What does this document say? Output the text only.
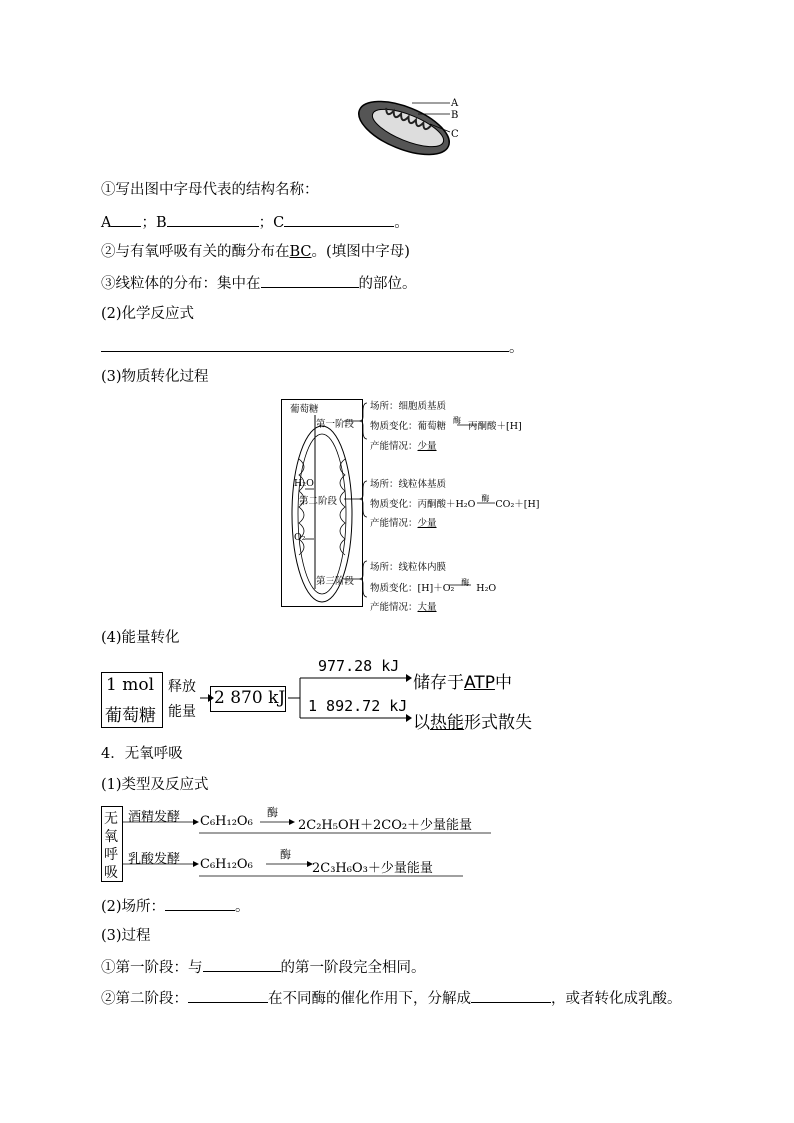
A
B
C
①写出图中字母代表的结构名称：
A ；B	；C	。
②与有氧呼吸有关的酶分布在BC。(填图中字母)
③线粒体的分布：集中在	的部位。
(2)化学反应式
。
(3)物质转化过程
葡萄糖
第一阶段
H₂O
第二阶段
O₂
第三阶段
场所：细胞质基质
物质变化：葡萄糖酶丙酮酸＋[H]
产能情况：少量
场所：线粒体基质
物质变化：丙酮酸＋H₂O酶CO₂＋[H]
产能情况：少量
场所：线粒体内膜
物质变化：[H]＋O₂酶H₂O
产能情况：大量
(4)能量转化
1 mol
葡萄糖
释放
能量
2 870 kJ
977.28 kJ
储存于ATP中
1 892.72 kJ
以热能形式散失
4．无氧呼吸
(1)类型及反应式
无
氧
呼
吸
酒精发酵 C₆H₁₂O₆
酶
2C₂H₅OH＋2CO₂＋少量能量
乳酸发酵 C₆H₁₂O₆
酶
2C₃H₆O₃＋少量能量
(2)场所：	。
(3)过程
①第一阶段：与	的第一阶段完全相同。
②第二阶段：	在不同酶的催化作用下，分解成	，或者转化成乳酸。
